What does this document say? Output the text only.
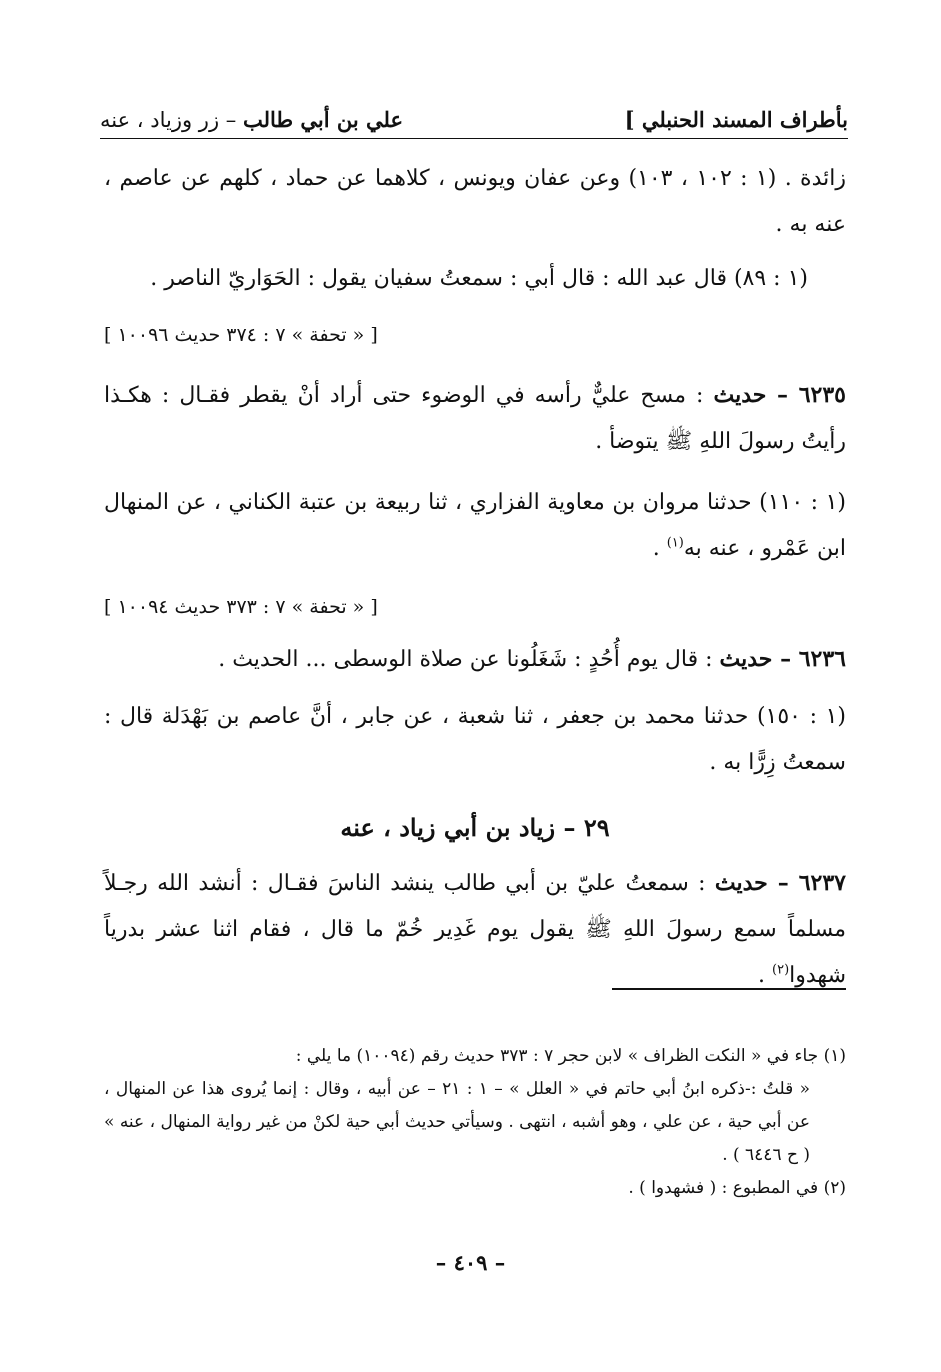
بأطراف المسند الحنبلي ]
علي بن أبي طالب – زر وزياد ، عنه
زائدة . (١ : ١٠٢ ، ١٠٣) وعن عفان ويونس ، كلاهما عن حماد ، كلهم عن عاصم ، عنه به .
(١ : ٨٩) قال عبد الله : قال أبي : سمعتُ سفيان يقول : الحَوَاريّ الناصر .
[ « تحفة » ٧ : ٣٧٤ حديث ١٠٠٩٦ ]
٦٢٣٥ – حديث : مسح عليٌّ رأسه في الوضوء حتى أراد أنْ يقطر فقـال : هكـذا رأيتُ رسولَ اللهِ ﷺ يتوضأ .
(١ : ١١٠) حدثنا مروان بن معاوية الفزاري ، ثنا ربيعة بن عتبة الكناني ، عن المنهال ابن عَمْرو ، عنه به$^{(١)}$ .
[ « تحفة » ٧ : ٣٧٣ حديث ١٠٠٩٤ ]
٦٢٣٦ – حديث : قال يوم أُحُدٍ : شَغَلُونا عن صلاة الوسطى ... الحديث .
(١ : ١٥٠) حدثنا محمد بن جعفر ، ثنا شعبة ، عن جابر ، أنَّ عاصم بن بَهْدَلة قال : سمعتُ زِرًّا به .
٢٩ – زياد بن أبي زياد ، عنه
٦٢٣٧ – حديث : سمعتُ عليّ بن أبي طالب ينشد الناسَ فقـال : أنشد الله رجـلاً مسلماً سمع رسولَ اللهِ ﷺ يقول يوم غَدِير خُمّ ما قال ، فقام اثنا عشر بدرياً شهدوا$^{(٢)}$ .
(١) جاء في « النكت الظراف » لابن حجر ٧ : ٣٧٣ حديث رقم (١٠٠٩٤) ما يلي :
« قلتُ :-ذكره ابنُ أبي حاتم في « العلل » – ١ : ٢١ – عن أبيه ، وقال : إنما يُروى هذا عن المنهال ، عن أبي حية ، عن علي ، وهو أشبه ، انتهى . وسيأتي حديث أبي حية لكنْ من غير رواية المنهال ، عنه » ( ح ٦٤٤٦ ) .
(٢) في المطبوع : ( فشهدوا ) .
– ٤٠٩ –
